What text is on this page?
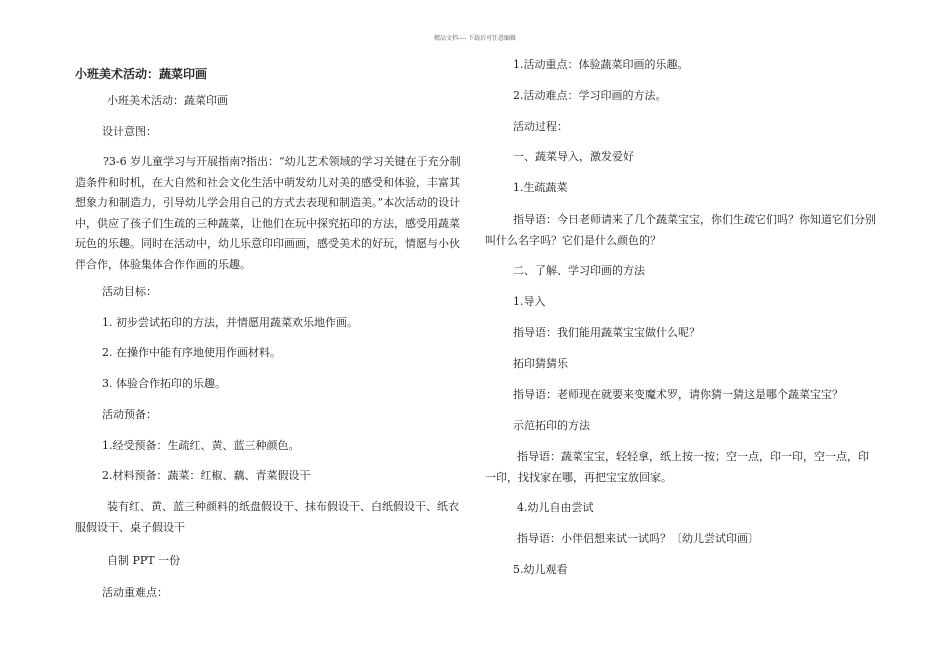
精品文档---- 下载后可任意编辑

小班美术活动：蔬菜印画

小班美术活动：蔬菜印画

设计意图：

?3-6 岁儿童学习与开展指南?指出：“幼儿艺术领域的学习关键在于充分制造条件和时机，在大自然和社会文化生活中萌发幼儿对美的感受和体验，丰富其想象力和制造力，引导幼儿学会用自己的方式去表现和制造美。”本次活动的设计中，供应了孩子们生疏的三种蔬菜，让他们在玩中探究拓印的方法，感受用蔬菜玩色的乐趣。同时在活动中，幼儿乐意印印画画，感受美术的好玩，情愿与小伙伴合作，体验集体合作作画的乐趣。

活动目标：

1. 初步尝试拓印的方法，并情愿用蔬菜欢乐地作画。

2. 在操作中能有序地使用作画材料。

3. 体验合作拓印的乐趣。

活动预备：

1.经受预备：生疏红、黄、蓝三种颜色。

2.材料预备：蔬菜：红椒、藕、青菜假设干

装有红、黄、蓝三种颜料的纸盘假设干、抹布假设干、白纸假设干、纸衣服假设干、桌子假设干

自制 PPT 一份

活动重难点：

1.活动重点：体验蔬菜印画的乐趣。

2.活动难点：学习印画的方法。

活动过程：

一、蔬菜导入，激发爱好

1.生疏蔬菜

指导语：今日老师请来了几个蔬菜宝宝，你们生疏它们吗？你知道它们分别叫什么名字吗？它们是什么颜色的？

二、了解、学习印画的方法

1.导入

指导语：我们能用蔬菜宝宝做什么呢？

拓印猜猜乐

指导语：老师现在就要来变魔术罗，请你猜一猜这是哪个蔬菜宝宝？

示范拓印的方法

指导语：蔬菜宝宝，轻轻拿，纸上按一按；空一点，印一印，空一点，印一印，找找家在哪，再把宝宝放回家。

4.幼儿自由尝试

指导语：小伴侣想来试一试吗？〔幼儿尝试印画〕

5.幼儿观看
